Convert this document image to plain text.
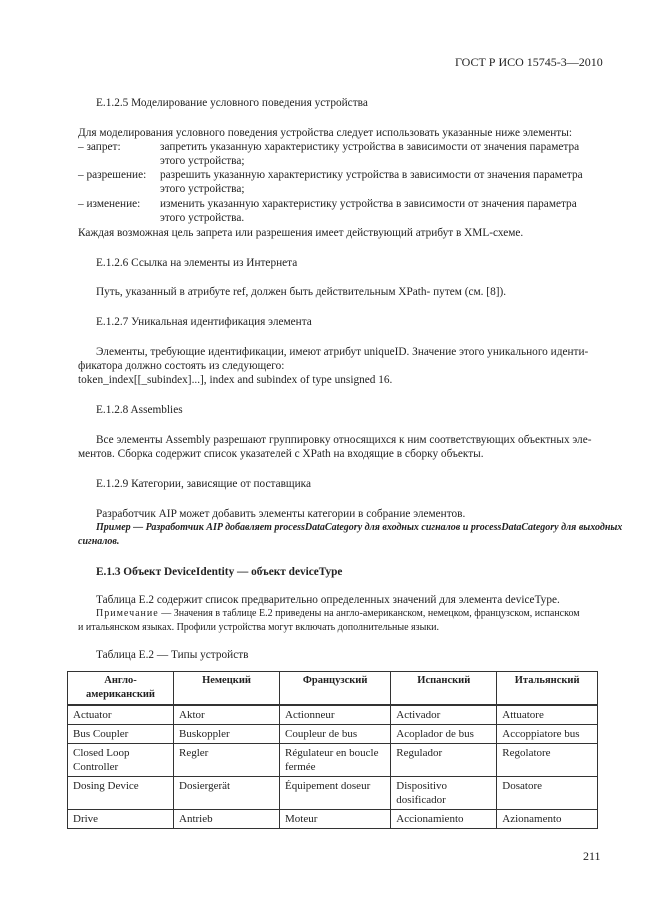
ГОСТ Р ИСО 15745-3—2010
E.1.2.5 Моделирование условного поведения устройства
Для моделирования условного поведения устройства следует использовать указанные ниже элементы:
– запрет:	запретить указанную характеристику устройства в зависимости от значения параметра
этого устройства;
– разрешение: разрешить указанную характеристику устройства в зависимости от значения параметра
этого устройства;
– изменение: изменить указанную характеристику устройства в зависимости от значения параметра
этого устройства.
Каждая возможная цель запрета или разрешения имеет действующий атрибут в XML-схеме.
E.1.2.6 Ссылка на элементы из Интернета
Путь, указанный в атрибуте ref, должен быть действительным XPath- путем (см. [8]).
E.1.2.7 Уникальная идентификация элемента
Элементы, требующие идентификации, имеют атрибут uniqueID. Значение этого уникального иденти-
фикатора должно состоять из следующего:
token_index[[_subindex]...], index and subindex of type unsigned 16.
E.1.2.8 Assemblies
Все элементы Assembly разрешают группировку относящихся к ним соответствующих объектных эле-
ментов. Сборка содержит список указателей с XPath на входящие в сборку объекты.
E.1.2.9 Категории, зависящие от поставщика
Разработчик AIP может добавить элементы категории в собрание элементов.
Пример — Разработчик AIP добавляет processDataCategory для входных сигналов и processDataCategory для выходных
сигналов.
E.1.3 Объект DeviceIdentity — объект deviceType
Таблица E.2 содержит список предварительно определенных значений для элемента deviceType.
Примечание — Значения в таблице E.2 приведены на англо-американском, немецком, французском, испанском
и итальянском языках. Профили устройства могут включать дополнительные языки.
Таблица E.2 — Типы устройств
Англо-американский	Немецкий	Французский	Испанский	Итальянский
Actuator	Aktor	Actionneur	Activador	Attuatore
Bus Coupler	Buskoppler	Coupleur de bus	Acoplador de bus	Accoppiatore bus
Closed Loop Controller	Regler	Régulateur en boucle fermée	Regulador	Regolatore
Dosing Device	Dosiergerät	Équipement doseur	Dispositivo dosificador	Dosatore
Drive	Antrieb	Moteur	Accionamiento	Azionamento
211
